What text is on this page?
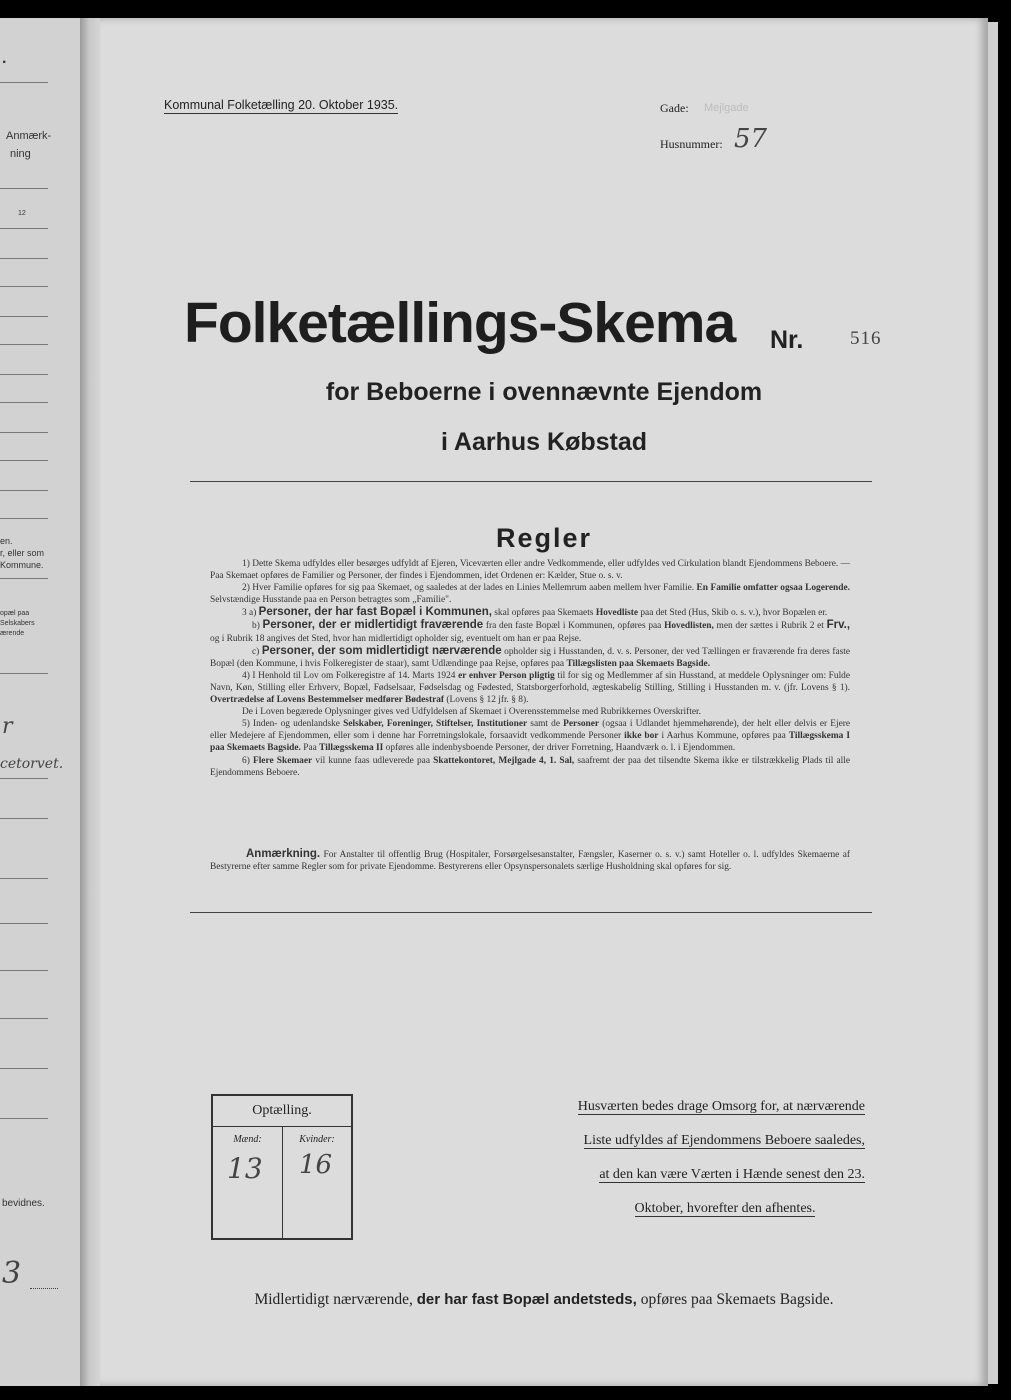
.
Anmærk-
ning
12
en.
r, eller som
Kommune.
opæl paa
Selskabers
ærende
r
cetorvet.
bevidnes.
3
Kommunal Folketælling 20. Oktober 1935.	Gade: Mejlgade
Husnummer: 57
Folketællings-Skema Nr. 516
for Beboerne i ovennævnte Ejendom
i Aarhus Købstad
Regler

1) Dette Skema udfyldes eller besørges udfyldt af Ejeren, Viceværten eller andre Vedkommende, eller udfyldes ved Cirkulation blandt Ejendommens Beboere. — Paa Skemaet opføres de Familier og Personer, der findes i Ejendommen, idet Ordenen er: Kælder, Stue o. s. v.

2) Hver Familie opføres for sig paa Skemaet, og saaledes at der lades en Linies Mellemrum aaben mellem hver Familie. En Familie omfatter ogsaa Logerende. Selvstændige Husstande paa en Person betragtes som „Familie".

3 a) Personer, der har fast Bopæl i Kommunen, skal opføres paa Skemaets Hovedliste paa det Sted (Hus, Skib o. s. v.), hvor Bopælen er.

b) Personer, der er midlertidigt fraværende fra den faste Bopæl i Kommunen, opføres paa Hovedlisten, men der sættes i Rubrik 2 et Frv., og i Rubrik 18 angives det Sted, hvor han midlertidigt opholder sig, eventuelt om han er paa Rejse.

c) Personer, der som midlertidigt nærværende opholder sig i Husstanden, d. v. s. Personer, der ved Tællingen er fraværende fra deres faste Bopæl (den Kommune, i hvis Folkeregister de staar), samt Udlændinge paa Rejse, opføres paa Tillægslisten paa Skemaets Bagside.

4) I Henhold til Lov om Folkeregistre af 14. Marts 1924 er enhver Person pligtig til for sig og Medlemmer af sin Husstand, at meddele Oplysninger om: Fulde Navn, Køn, Stilling eller Erhverv, Bopæl, Fødselsaar, Fødselsdag og Fødested, Statsborgerforhold, ægteskabelig Stilling, Stilling i Husstanden m. v. (jfr. Lovens § 1). Overtrædelse af Lovens Bestemmelser medfører Bødestraf (Lovens § 12 jfr. § 8).

De i Loven begærede Oplysninger gives ved Udfyldelsen af Skemaet i Overensstemmelse med Rubrikkernes Overskrifter.

5) Inden- og udenlandske Selskaber, Foreninger, Stiftelser, Institutioner samt de Personer (ogsaa i Udlandet hjemmehørende), der helt eller delvis er Ejere eller Medejere af Ejendommen, eller som i denne har Forretningslokale, forsaavidt vedkommende Personer ikke bor i Aarhus Kommune, opføres paa Tillægsskema I paa Skemaets Bagside. Paa Tillægsskema II opføres alle indenbysboende Personer, der driver Forretning, Haandværk o. l. i Ejendommen.

6) Flere Skemaer vil kunne faas udleverede paa Skattekontoret, Mejlgade 4, 1. Sal, saafremt der paa det tilsendte Skema ikke er tilstrækkelig Plads til alle Ejendommens Beboere.

Anmærkning. For Anstalter til offentlig Brug (Hospitaler, Forsørgelsesanstalter, Fængsler, Kaserner o. s. v.) samt Hoteller o. l. udfyldes Skemaerne af Bestyrerne efter samme Regler som for private Ejendomme. Bestyrerens eller Opsynspersonalets særlige Husholdning skal opføres for sig.

Optælling.
Mænd:	Kvinder:
13 16
Husværten bedes drage Omsorg for, at nærværende
Liste udfyldes af Ejendommens Beboere saaledes,
at den kan være Værten i Hænde senest den 23.
Oktober, hvorefter den afhentes.
Midlertidigt nærværende, der har fast Bopæl andetsteds, opføres paa Skemaets Bagside.
